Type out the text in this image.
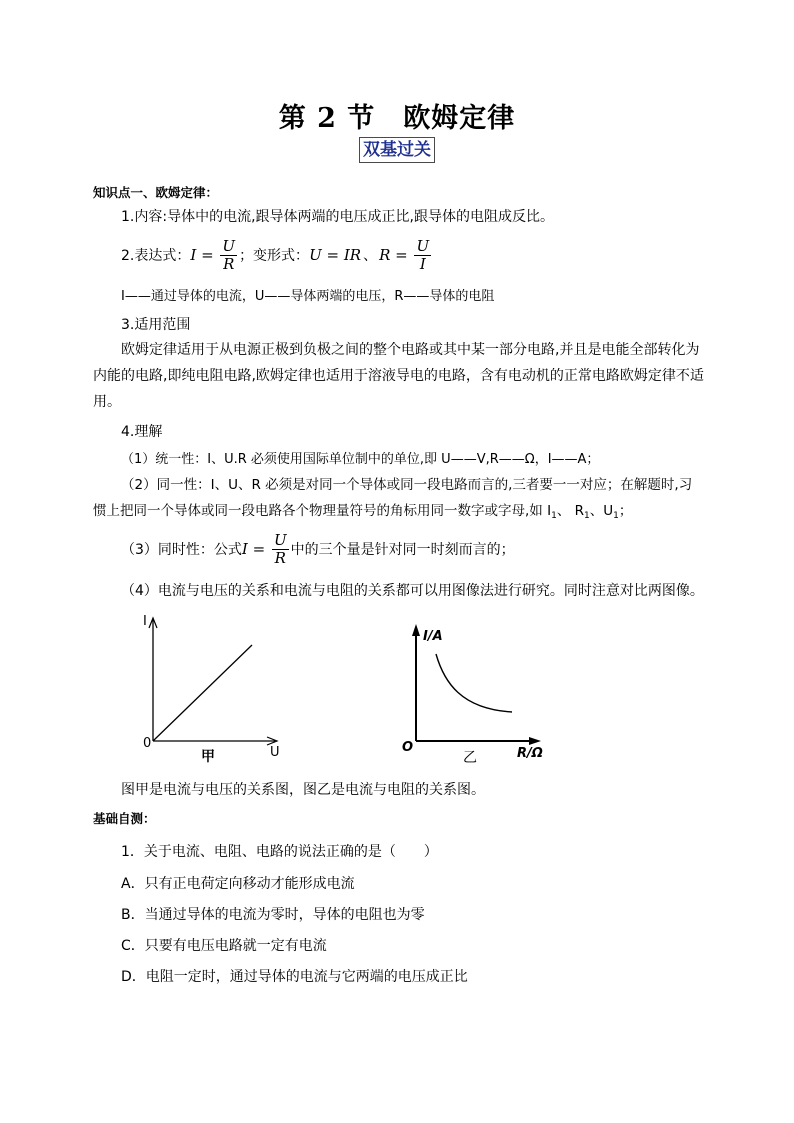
第 2 节　欧姆定律
双基过关
知识点一、欧姆定律：
1.内容:导体中的电流,跟导体两端的电压成正比,跟导体的电阻成反比。
2.表达式： $I = \frac{U}{R}$ ；变形式： U = IR 、 $R = \frac{U}{I}$
I——通过导体的电流，U——导体两端的电压，R——导体的电阻
3.适用范围
欧姆定律适用于从电源正极到负极之间的整个电路或其中某一部分电路,并且是电能全部转化为内能的电路,即纯电阻电路,欧姆定律也适用于溶液导电的电路，含有电动机的正常电路欧姆定律不适用。
4.理解
（1）统一性：I、U.R 必须使用国际单位制中的单位,即 U——V,R——Ω，I——A；
（2）同一性：I、U、R 必须是对同一个导体或同一段电路而言的,三者要一一对应；在解题时,习惯上把同一个导体或同一段电路各个物理量符号的角标用同一数字或字母,如 $I_1$、 $R_1$、$U_1$；
（3）同时性：公式 $I = \frac{U}{R}$ 中的三个量是针对同一时刻而言的；
（4）电流与电压的关系和电流与电阻的关系都可以用图像法进行研究。同时注意对比两图像。
I
U
0
甲
I/A
R/Ω
O
乙
图甲是电流与电压的关系图，图乙是电流与电阻的关系图。
基础自测：
1．关于电流、电阻、电路的说法正确的是（　　）
A．只有正电荷定向移动才能形成电流
B．当通过导体的电流为零时，导体的电阻也为零
C．只要有电压电路就一定有电流
D．电阻一定时，通过导体的电流与它两端的电压成正比
